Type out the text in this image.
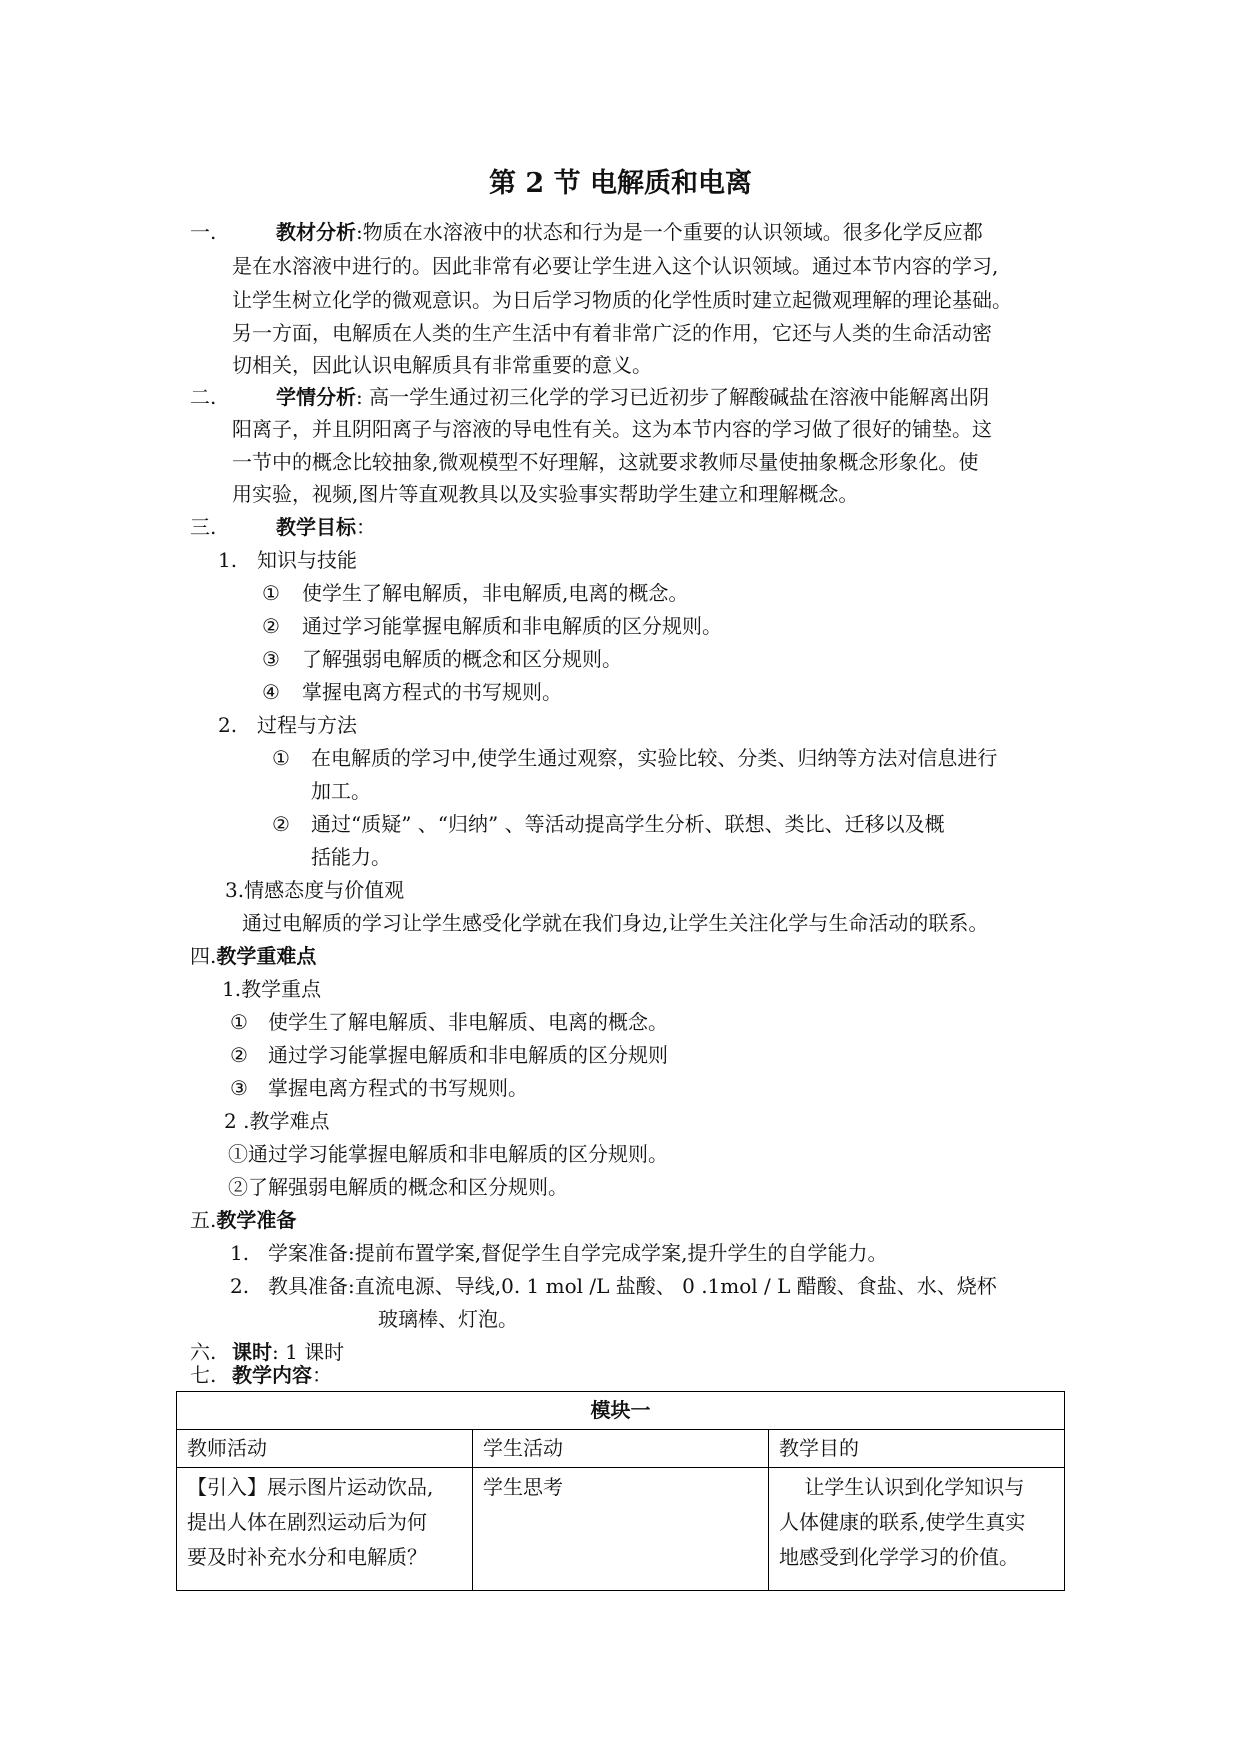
第 2 节 电解质和电离
一.	教材分析:物质在水溶液中的状态和行为是一个重要的认识领域。很多化学反应都
是在水溶液中进行的。因此非常有必要让学生进入这个认识领域。通过本节内容的学习,
让学生树立化学的微观意识。为日后学习物质的化学性质时建立起微观理解的理论基础。
另一方面，电解质在人类的生产生活中有着非常广泛的作用，它还与人类的生命活动密
切相关，因此认识电解质具有非常重要的意义。
二.	学情分析: 高一学生通过初三化学的学习已近初步了解酸碱盐在溶液中能解离出阴
阳离子，并且阴阳离子与溶液的导电性有关。这为本节内容的学习做了很好的铺垫。这
一节中的概念比较抽象,微观模型不好理解，这就要求教师尽量使抽象概念形象化。使
用实验，视频,图片等直观教具以及实验事实帮助学生建立和理解概念。
三.	教学目标：
1. 知识与技能
① 使学生了解电解质，非电解质,电离的概念。
② 通过学习能掌握电解质和非电解质的区分规则。
③ 了解强弱电解质的概念和区分规则。
④ 掌握电离方程式的书写规则。
2. 过程与方法
① 在电解质的学习中,使学生通过观察，实验比较、分类、归纳等方法对信息进行
加工。
② 通过“质疑” 、“归纳” 、等活动提高学生分析、联想、类比、迁移以及概
括能力。
3.情感态度与价值观
通过电解质的学习让学生感受化学就在我们身边,让学生关注化学与生命活动的联系。
四.教学重难点
1.教学重点
① 使学生了解电解质、非电解质、电离的概念。
② 通过学习能掌握电解质和非电解质的区分规则
③ 掌握电离方程式的书写规则。
2 .教学难点
①通过学习能掌握电解质和非电解质的区分规则。
②了解强弱电解质的概念和区分规则。
五.教学准备
1. 学案准备:提前布置学案,督促学生自学完成学案,提升学生的自学能力。
2. 教具准备:直流电源、导线,0. 1 mol /L 盐酸、 0 .1mol / L 醋酸、食盐、水、烧杯
玻璃棒、灯泡。
六. 课时: 1 课时
七. 教学内容：
模块一		
教师活动	学生活动	教学目的

【引入】展示图片运动饮品,
提出人体在剧烈运动后为何
要及时补充水分和电解质？	学生思考	让学生认识到化学知识与
人体健康的联系,使学生真实
地感受到化学学习的价值。
